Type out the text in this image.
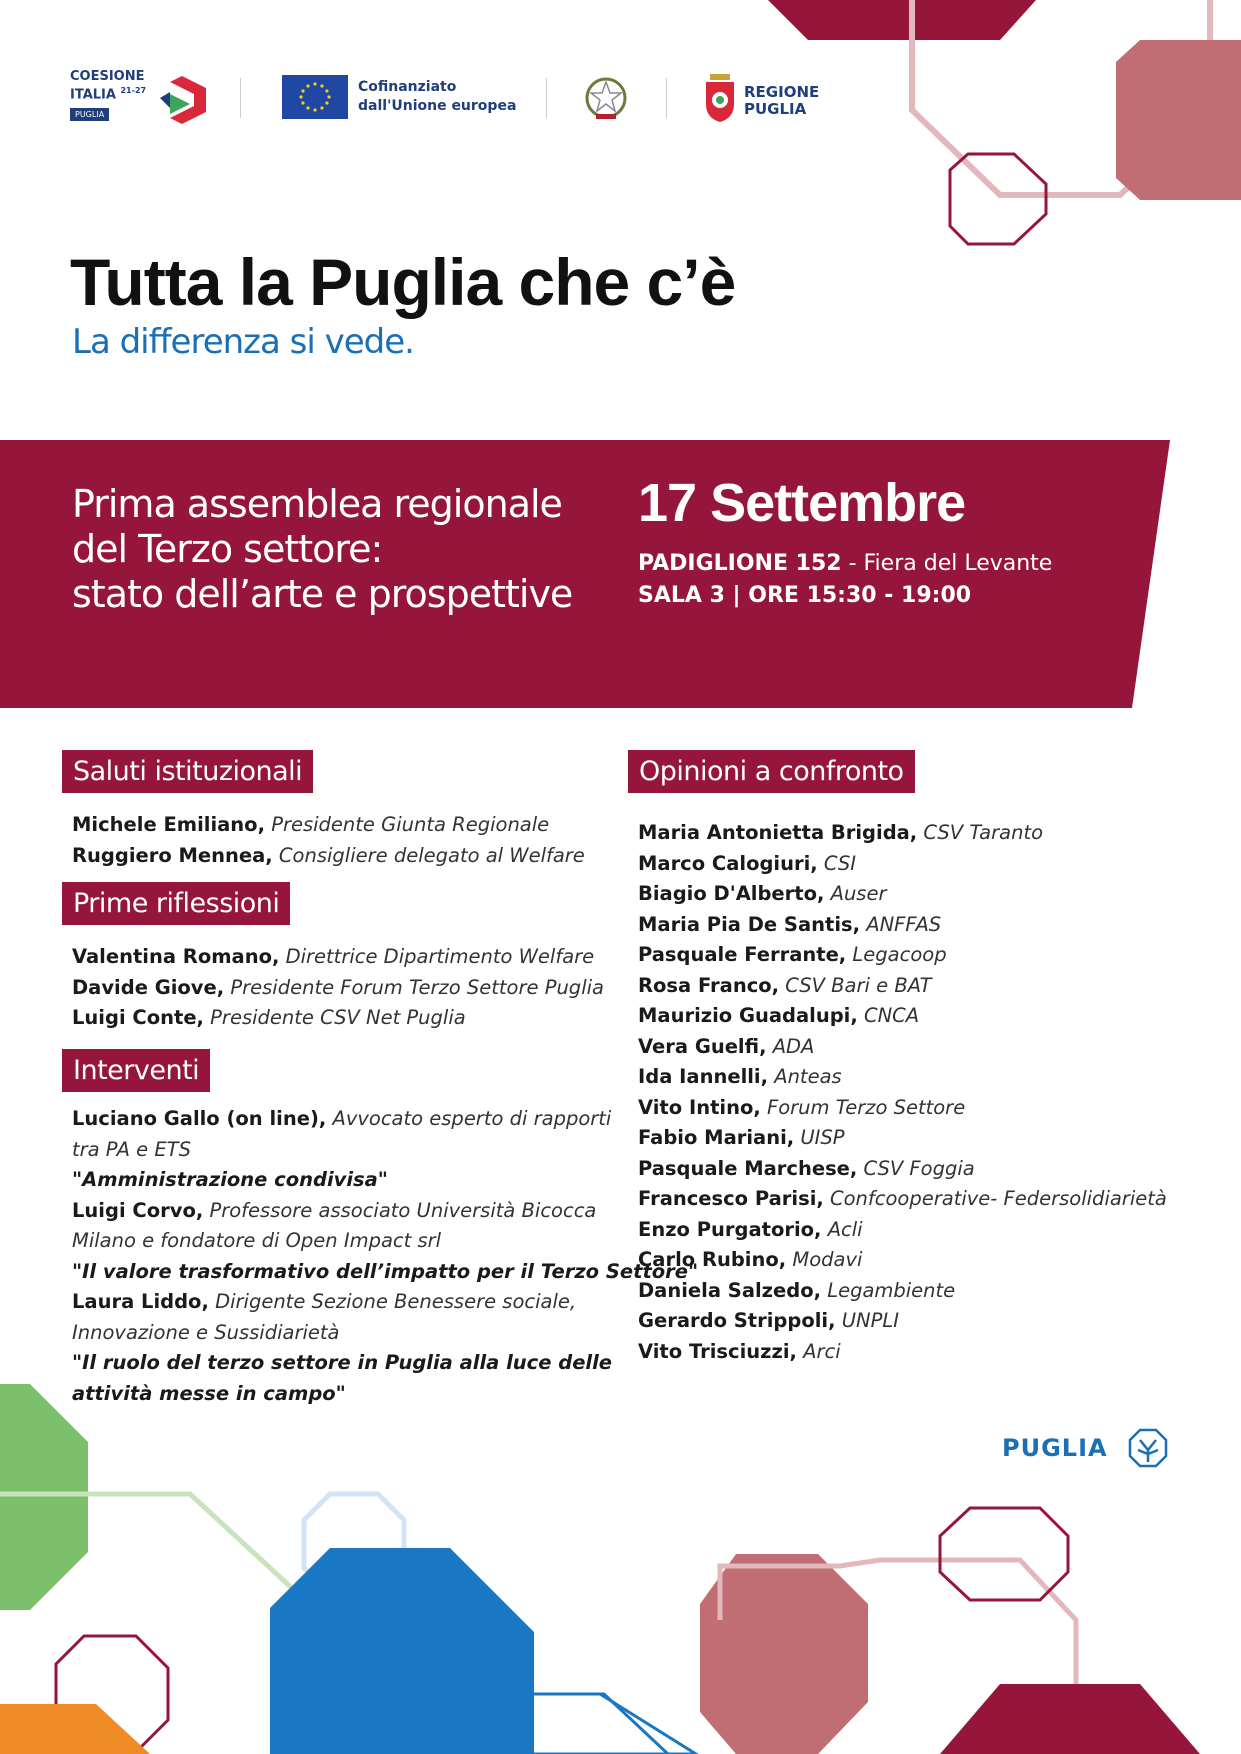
COESIONE
ITALIA $^{21-27}$
PUGLIA
Cofinanziato
dall'Unione europea
REGIONE
PUGLIA
Tutta la Puglia che c’è
La differenza si vede.
Prima assemblea regionale
del Terzo settore:
stato dell’arte e prospettive
17 Settembre
PADIGLIONE 152 - Fiera del Levante
SALA 3 | ORE 15:30 - 19:00
Saluti istituzionali
Michele Emiliano, Presidente Giunta Regionale
Ruggiero Mennea, Consigliere delegato al Welfare
Prime riflessioni
Valentina Romano, Direttrice Dipartimento Welfare
Davide Giove, Presidente Forum Terzo Settore Puglia
Luigi Conte, Presidente CSV Net Puglia
Interventi
Luciano Gallo (on line), Avvocato esperto di rapporti
tra PA e ETS
"Amministrazione condivisa"
Luigi Corvo, Professore associato Università Bicocca
Milano e fondatore di Open Impact srl
"Il valore trasformativo dell’impatto per il Terzo Settore"
Laura Liddo, Dirigente Sezione Benessere sociale,
Innovazione e Sussidiarietà
"Il ruolo del terzo settore in Puglia alla luce delle
attività messe in campo"
Opinioni a confronto
Maria Antonietta Brigida, CSV Taranto
Marco Calogiuri, CSI
Biagio D'Alberto, Auser
Maria Pia De Santis, ANFFAS
Pasquale Ferrante, Legacoop
Rosa Franco, CSV Bari e BAT
Maurizio Guadalupi, CNCA
Vera Guelfi, ADA
Ida Iannelli, Anteas
Vito Intino, Forum Terzo Settore
Fabio Mariani, UISP
Pasquale Marchese, CSV Foggia
Francesco Parisi, Confcooperative- Federsolidiarietà
Enzo Purgatorio, Acli
Carlo Rubino, Modavi
Daniela Salzedo, Legambiente
Gerardo Strippoli, UNPLI
Vito Trisciuzzi, Arci
PUGLIA
